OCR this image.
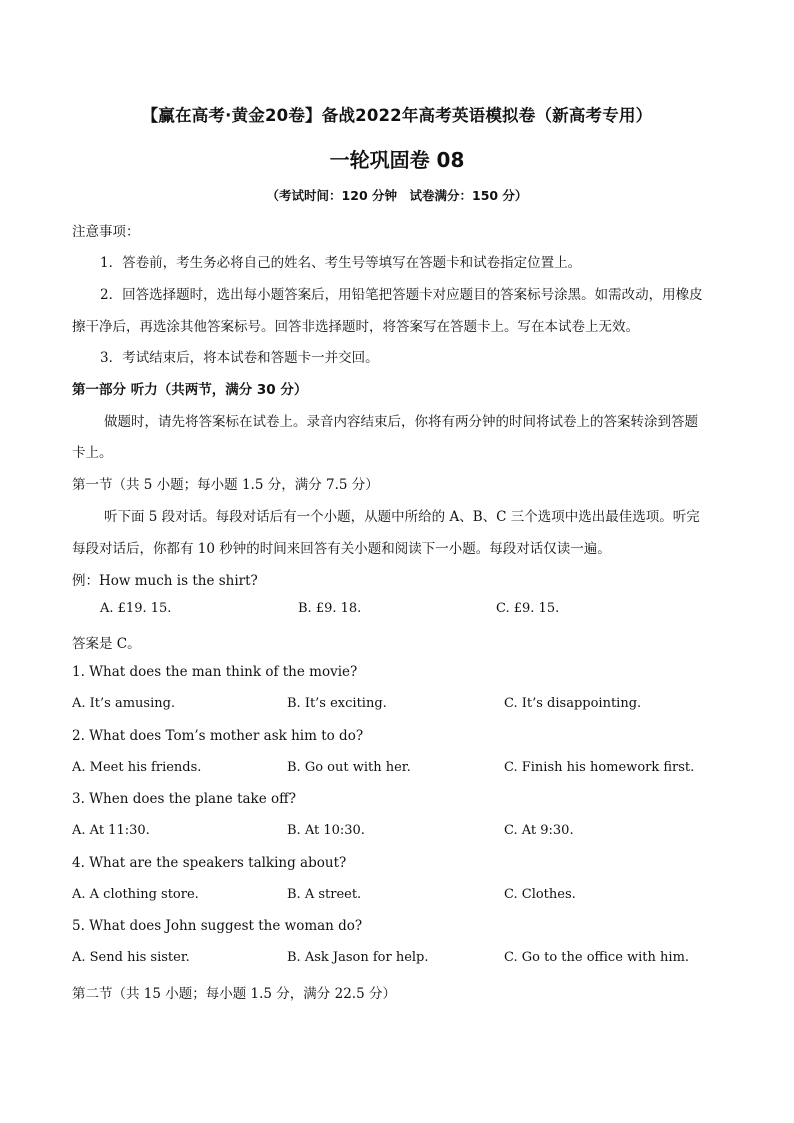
【赢在高考·黄金20卷】备战2022年高考英语模拟卷（新高考专用）
一轮巩固卷 08
（考试时间：120 分钟　试卷满分：150 分）
注意事项：
1．答卷前，考生务必将自己的姓名、考生号等填写在答题卡和试卷指定位置上。
2．回答选择题时，选出每小题答案后，用铅笔把答题卡对应题目的答案标号涂黑。如需改动，用橡皮
擦干净后，再选涂其他答案标号。回答非选择题时，将答案写在答题卡上。写在本试卷上无效。
3．考试结束后，将本试卷和答题卡一并交回。
第一部分 听力（共两节，满分 30 分）
做题时，请先将答案标在试卷上。录音内容结束后，你将有两分钟的时间将试卷上的答案转涂到答题
卡上。
第一节（共 5 小题；每小题 1.5 分，满分 7.5 分）
听下面 5 段对话。每段对话后有一个小题，从题中所给的 A、B、C 三个选项中选出最佳选项。听完
每段对话后，你都有 10 秒钟的时间来回答有关小题和阅读下一小题。每段对话仅读一遍。
例：How much is the shirt?
A. £19. 15.	B. £9. 18.	C. £9. 15.
答案是 C。
1. What does the man think of the movie?
A. It’s amusing.	B. It’s exciting.	C. It’s disappointing.
2. What does Tom’s mother ask him to do?
A. Meet his friends.	B. Go out with her.	C. Finish his homework first.
3. When does the plane take off?
A. At 11:30.	B. At 10:30.	C. At 9:30.
4. What are the speakers talking about?
A. A clothing store.	B. A street.	C. Clothes.
5. What does John suggest the woman do?
A. Send his sister.	B. Ask Jason for help.	C. Go to the office with him.
第二节（共 15 小题；每小题 1.5 分，满分 22.5 分）
